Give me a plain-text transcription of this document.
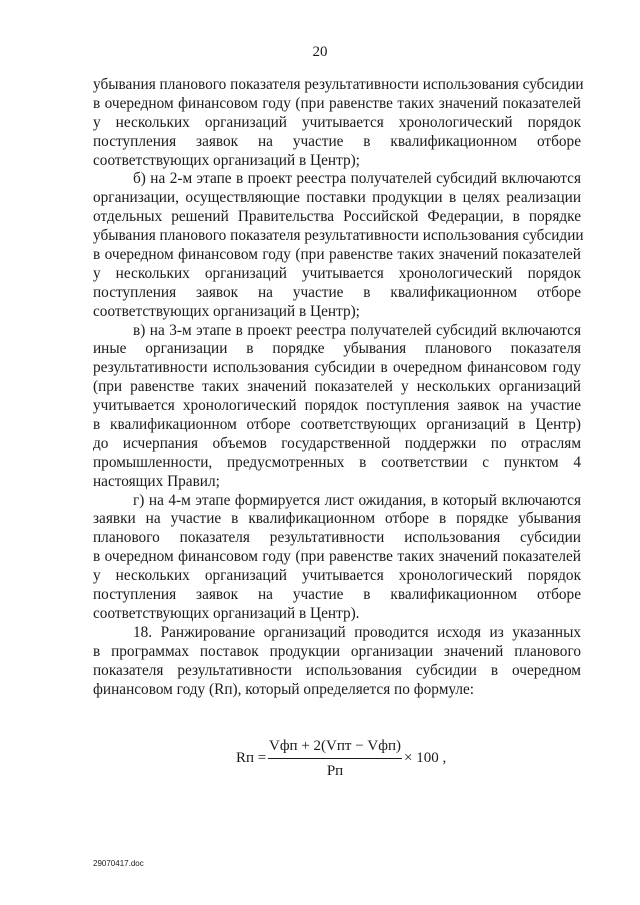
20
убывания планового показателя результативности использования субсидии
в очередном финансовом году (при равенстве таких значений показателей
у нескольких организаций учитывается хронологический порядок
поступления заявок на участие в квалификационном отборе
соответствующих организаций в Центр);
б) на 2-м этапе в проект реестра получателей субсидий включаются
организации, осуществляющие поставки продукции в целях реализации
отдельных решений Правительства Российской Федерации, в порядке
убывания планового показателя результативности использования субсидии
в очередном финансовом году (при равенстве таких значений показателей
у нескольких организаций учитывается хронологический порядок
поступления заявок на участие в квалификационном отборе
соответствующих организаций в Центр);
в) на 3-м этапе в проект реестра получателей субсидий включаются
иные организации в порядке убывания планового показателя
результативности использования субсидии в очередном финансовом году
(при равенстве таких значений показателей у нескольких организаций
учитывается хронологический порядок поступления заявок на участие
в квалификационном отборе соответствующих организаций в Центр)
до исчерпания объемов государственной поддержки по отраслям
промышленности, предусмотренных в соответствии с пунктом 4
настоящих Правил;
г) на 4-м этапе формируется лист ожидания, в который включаются
заявки на участие в квалификационном отборе в порядке убывания
планового показателя результативности использования субсидии
в очередном финансовом году (при равенстве таких значений показателей
у нескольких организаций учитывается хронологический порядок
поступления заявок на участие в квалификационном отборе
соответствующих организаций в Центр).
18. Ранжирование организаций проводится исходя из указанных
в программах поставок продукции организации значений планового
показателя результативности использования субсидии в очередном
финансовом году (Rп), который определяется по формуле:
Rп =
Vфп + 2(Vпт − Vфп)
Pп
× 100 ,
29070417.doc
